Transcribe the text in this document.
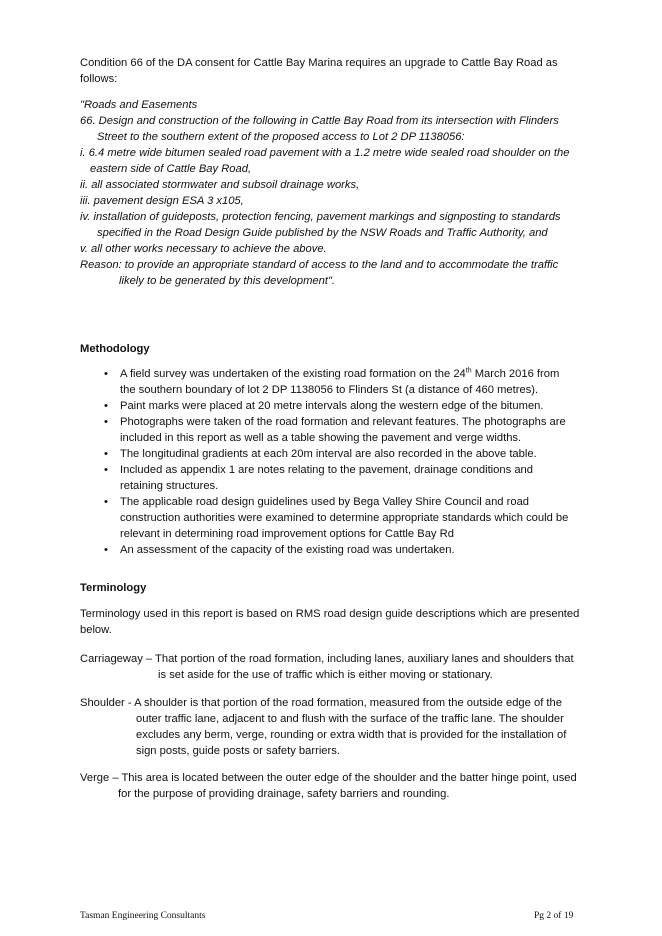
Condition 66 of the DA consent for Cattle Bay Marina requires an upgrade to Cattle Bay Road as
follows:
"Roads and Easements
66. Design and construction of the following in Cattle Bay Road from its intersection with Flinders
Street to the southern extent of the proposed access to Lot 2 DP 1138056:
i. 6.4 metre wide bitumen sealed road pavement with a 1.2 metre wide sealed road shoulder on the
eastern side of Cattle Bay Road,
ii. all associated stormwater and subsoil drainage works,
iii. pavement design ESA 3 x105,
iv. installation of guideposts, protection fencing, pavement markings and signposting to standards
specified in the Road Design Guide published by the NSW Roads and Traffic Authority, and
v. all other works necessary to achieve the above.
Reason: to provide an appropriate standard of access to the land and to accommodate the traffic
likely to be generated by this development".
Methodology
• A field survey was undertaken of the existing road formation on the 24th March 2016 from
the southern boundary of lot 2 DP 1138056 to Flinders St (a distance of 460 metres).
• Paint marks were placed at 20 metre intervals along the western edge of the bitumen.
• Photographs were taken of the road formation and relevant features. The photographs are
included in this report as well as a table showing the pavement and verge widths.
• The longitudinal gradients at each 20m interval are also recorded in the above table.
• Included as appendix 1 are notes relating to the pavement, drainage conditions and
retaining structures.
• The applicable road design guidelines used by Bega Valley Shire Council and road
construction authorities were examined to determine appropriate standards which could be
relevant in determining road improvement options for Cattle Bay Rd
• An assessment of the capacity of the existing road was undertaken.
Terminology
Terminology used in this report is based on RMS road design guide descriptions which are presented
below.
Carriageway – That portion of the road formation, including lanes, auxiliary lanes and shoulders that
is set aside for the use of traffic which is either moving or stationary.
Shoulder - A shoulder is that portion of the road formation, measured from the outside edge of the
outer traffic lane, adjacent to and flush with the surface of the traffic lane. The shoulder
excludes any berm, verge, rounding or extra width that is provided for the installation of
sign posts, guide posts or safety barriers.
Verge – This area is located between the outer edge of the shoulder and the batter hinge point, used
for the purpose of providing drainage, safety barriers and rounding.
Tasman Engineering Consultants	Pg 2 of 19
